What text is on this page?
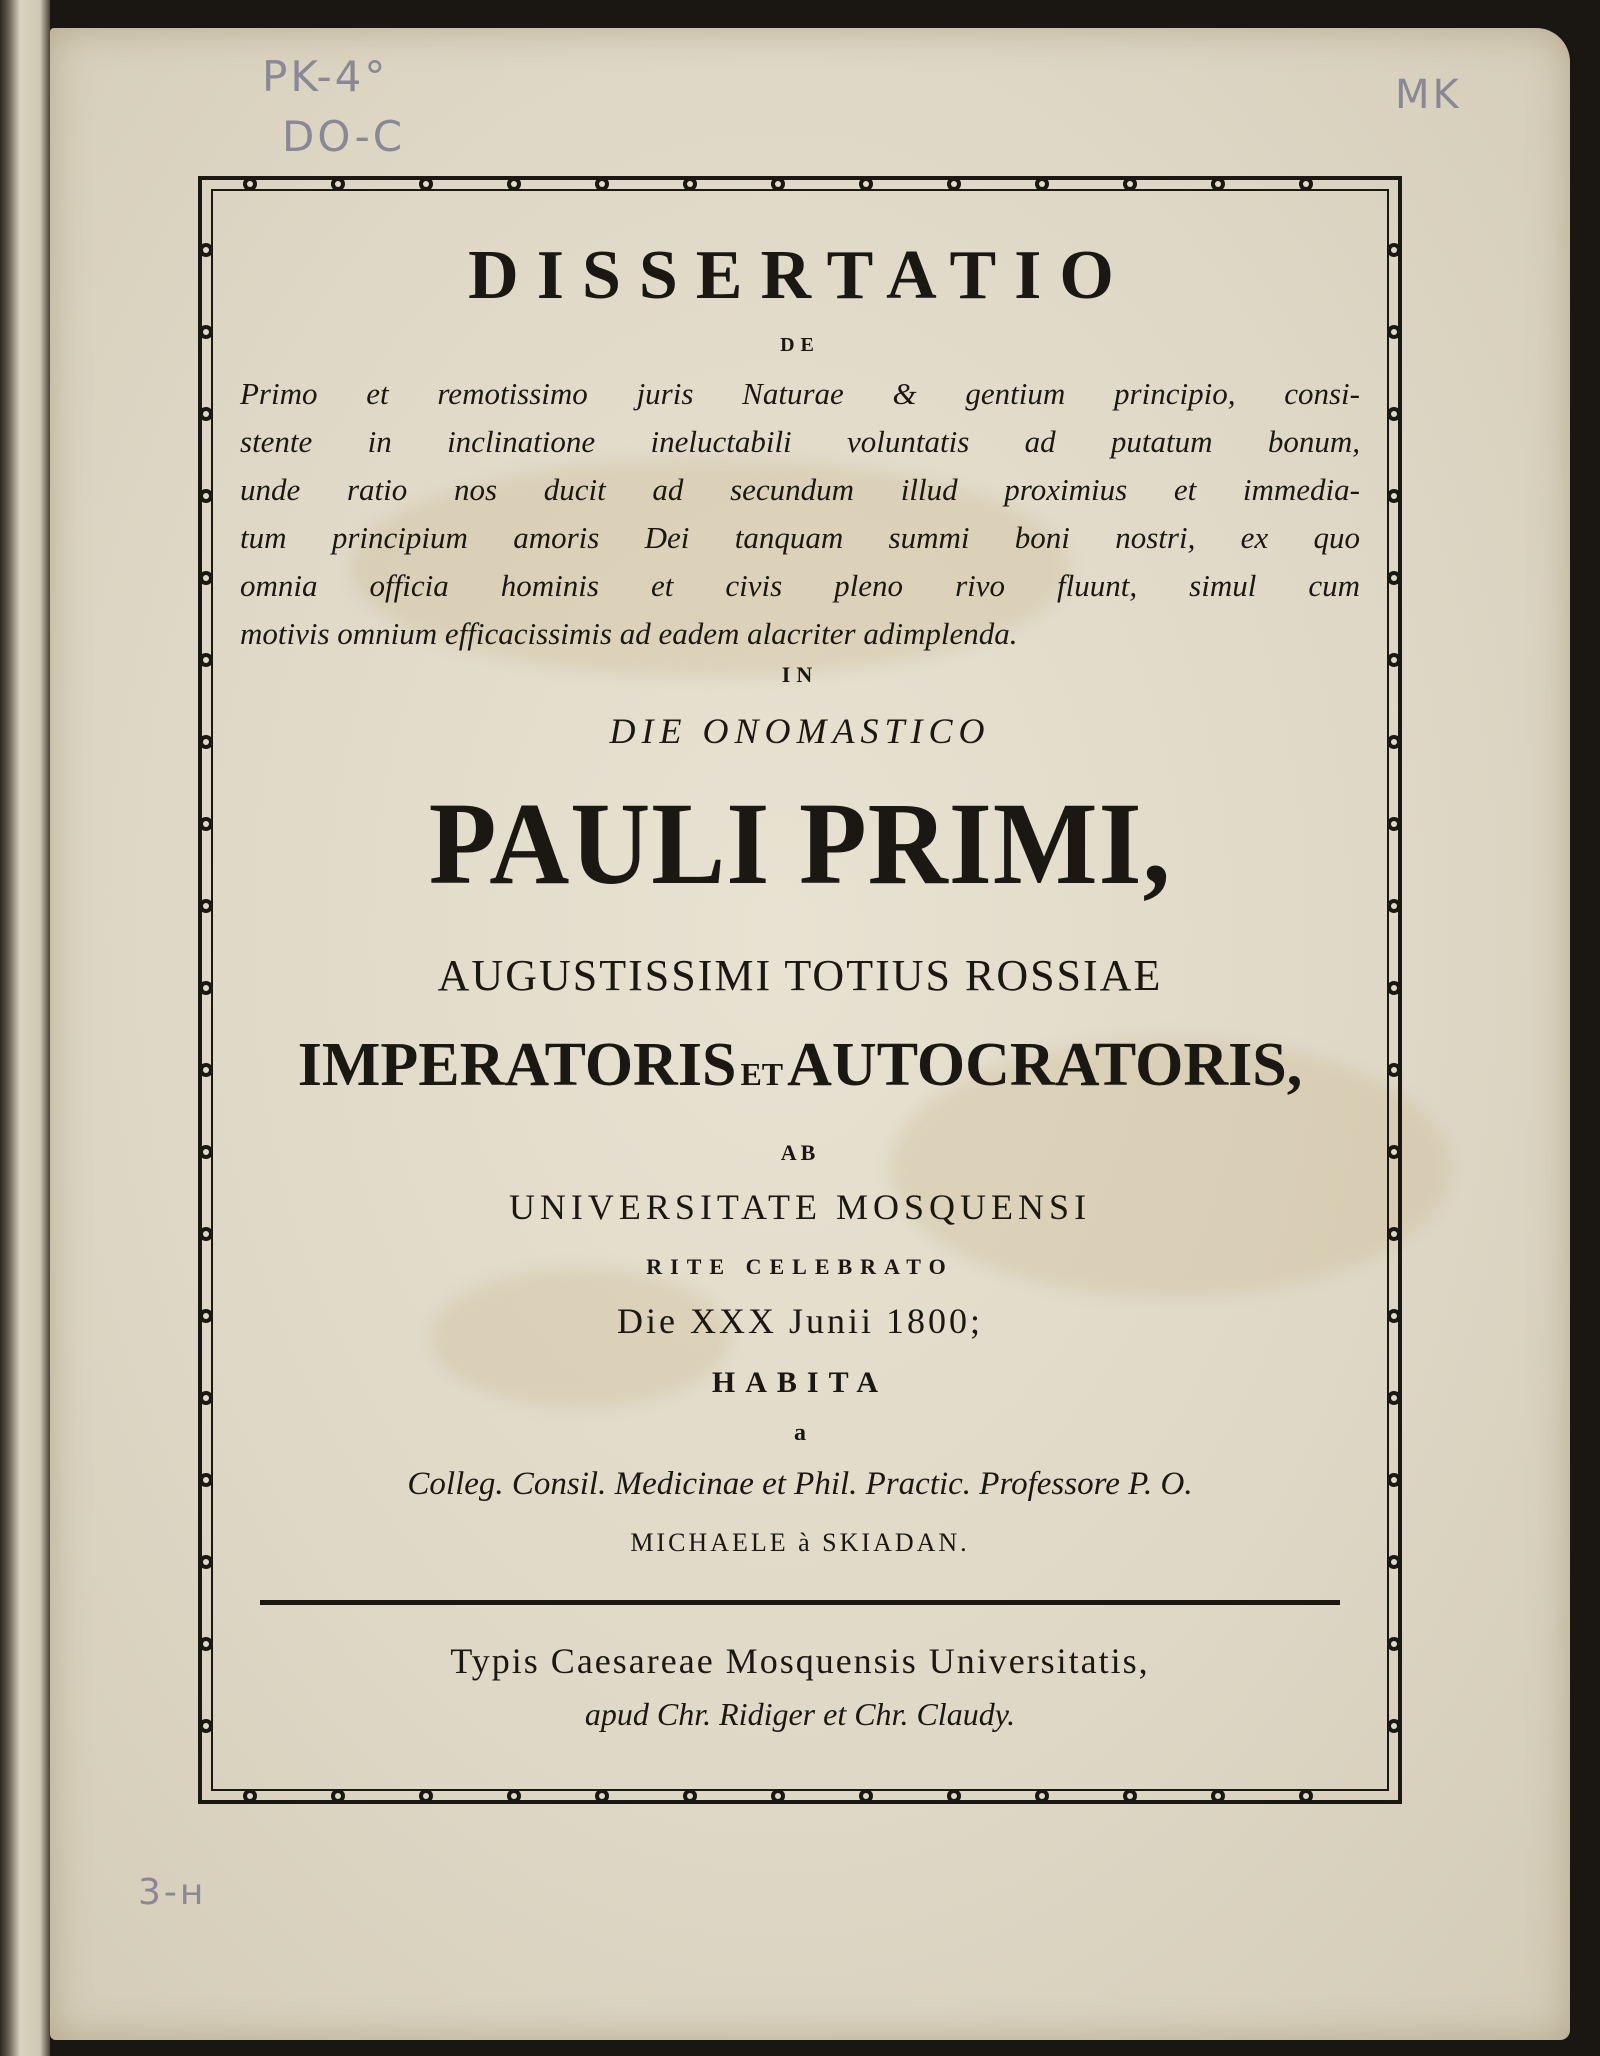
PK-4°
DO-C
MK
3-н
DISSERTATIO
DE
Primo et remotissimo juris Naturae & gentium principio, consi-
stente in inclinatione ineluctabili voluntatis ad putatum bonum,
unde ratio nos ducit ad secundum illud proximius et immedia-
tum principium amoris Dei tanquam summi boni nostri, ex quo
omnia officia hominis et civis pleno rivo fluunt, simul cum
motivis omnium efficacissimis ad eadem alacriter adimplenda.
IN
DIE ONOMASTICO
PAULI PRIMI,
AUGUSTISSIMI TOTIUS ROSSIAE
IMPERATORIS ET AUTOCRATORIS,
AB
UNIVERSITATE MOSQUENSI
RITE CELEBRATO
Die XXX Junii 1800;
HABITA
a
Colleg. Consil. Medicinae et Phil. Practic. Professore P. O.
MICHAELE à SKIADAN.
Typis Caesareae Mosquensis Universitatis,
apud Chr. Ridiger et Chr. Claudy.
